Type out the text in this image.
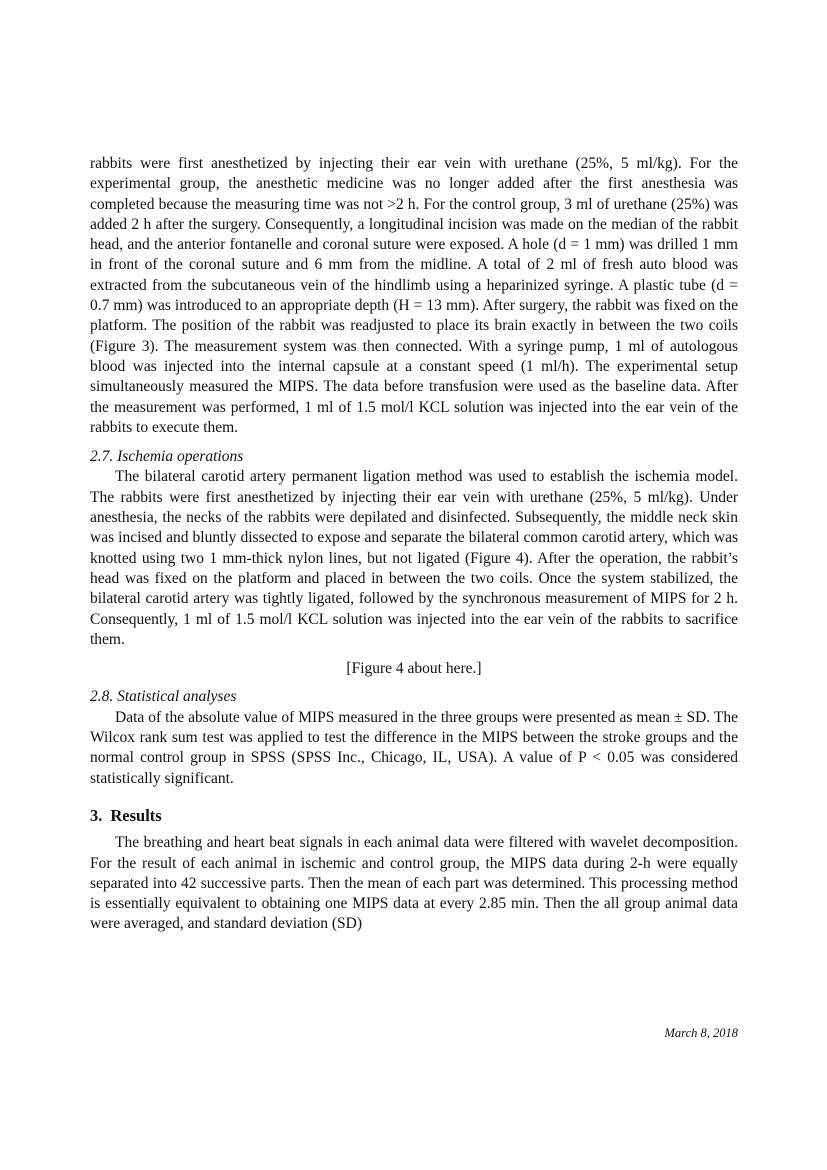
rabbits were first anesthetized by injecting their ear vein with urethane (25%, 5 ml/kg). For the experimental group, the anesthetic medicine was no longer added after the first anesthesia was completed because the measuring time was not >2 h. For the control group, 3 ml of urethane (25%) was added 2 h after the surgery. Consequently, a longitudinal incision was made on the median of the rabbit head, and the anterior fontanelle and coronal suture were exposed. A hole (d = 1 mm) was drilled 1 mm in front of the coronal suture and 6 mm from the midline. A total of 2 ml of fresh auto blood was extracted from the subcutaneous vein of the hindlimb using a heparinized syringe. A plastic tube (d = 0.7 mm) was introduced to an appropriate depth (H = 13 mm). After surgery, the rabbit was fixed on the platform. The position of the rabbit was readjusted to place its brain exactly in between the two coils (Figure 3). The measurement system was then connected. With a syringe pump, 1 ml of autologous blood was injected into the internal capsule at a constant speed (1 ml/h). The experimental setup simultaneously measured the MIPS. The data before transfusion were used as the baseline data. After the measurement was performed, 1 ml of 1.5 mol/l KCL solution was injected into the ear vein of the rabbits to execute them.

2.7. Ischemia operations

The bilateral carotid artery permanent ligation method was used to establish the ischemia model. The rabbits were first anesthetized by injecting their ear vein with urethane (25%, 5 ml/kg). Under anesthesia, the necks of the rabbits were depilated and disinfected. Subsequently, the middle neck skin was incised and bluntly dissected to expose and separate the bilateral common carotid artery, which was knotted using two 1 mm-thick nylon lines, but not ligated (Figure 4). After the operation, the rabbit’s head was fixed on the platform and placed in between the two coils. Once the system stabilized, the bilateral carotid artery was tightly ligated, followed by the synchronous measurement of MIPS for 2 h. Consequently, 1 ml of 1.5 mol/l KCL solution was injected into the ear vein of the rabbits to sacrifice them.

[Figure 4 about here.]

2.8. Statistical analyses

Data of the absolute value of MIPS measured in the three groups were presented as mean ± SD. The Wilcox rank sum test was applied to test the difference in the MIPS between the stroke groups and the normal control group in SPSS (SPSS Inc., Chicago, IL, USA). A value of P < 0.05 was considered statistically significant.

3. Results

The breathing and heart beat signals in each animal data were filtered with wavelet decomposition. For the result of each animal in ischemic and control group, the MIPS data during 2-h were equally separated into 42 successive parts. Then the mean of each part was determined. This processing method is essentially equivalent to obtaining one MIPS data at every 2.85 min. Then the all group animal data were averaged, and standard deviation (SD)

March 8, 2018
